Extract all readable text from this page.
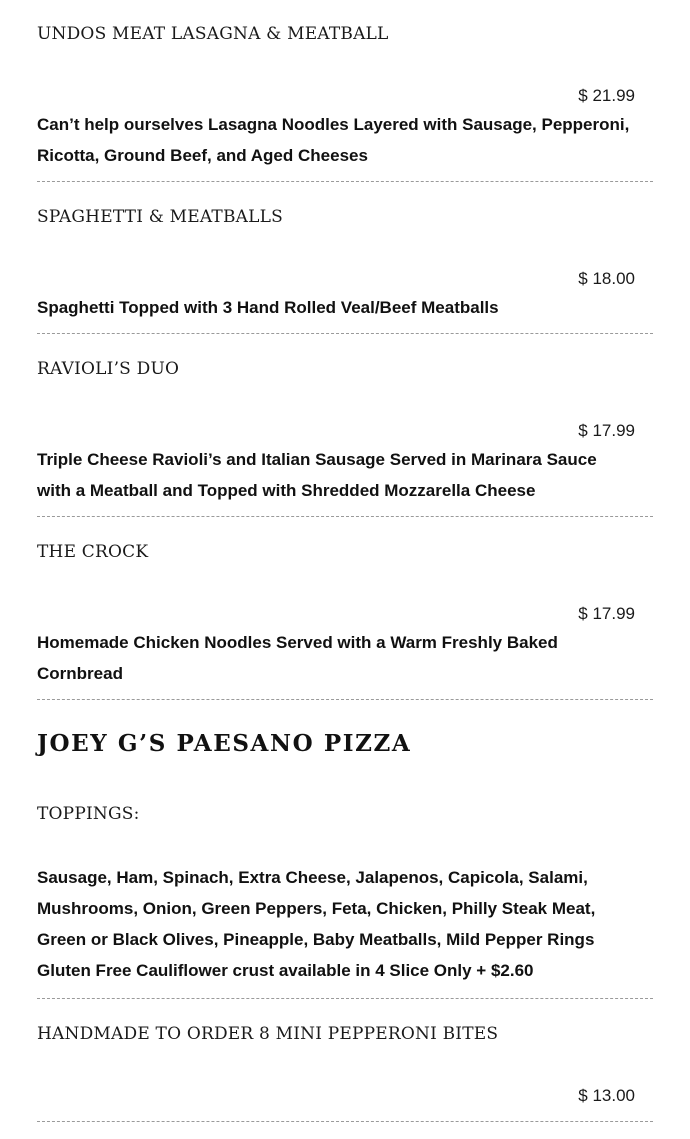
UNDOS MEAT LASAGNA & MEATBALL
$ 21.99

Can’t help ourselves Lasagna Noodles Layered with Sausage, Pepperoni, Ricotta, Ground Beef, and Aged Cheeses

SPAGHETTI & MEATBALLS
$ 18.00

Spaghetti Topped with 3 Hand Rolled Veal/Beef Meatballs

RAVIOLI’S DUO
$ 17.99

Triple Cheese Ravioli’s and Italian Sausage Served in Marinara Sauce with a Meatball and Topped with Shredded Mozzarella Cheese

THE CROCK
$ 17.99

Homemade Chicken Noodles Served with a Warm Freshly Baked Cornbread

JOEY G’S PAESANO PIZZA
TOPPINGS:

Sausage, Ham, Spinach, Extra Cheese, Jalapenos, Capicola, Salami,
Mushrooms, Onion, Green Peppers, Feta, Chicken, Philly Steak Meat,
Green or Black Olives, Pineapple, Baby Meatballs, Mild Pepper Rings
Gluten Free Cauliflower crust available in 4 Slice Only + $2.60

HANDMADE TO ORDER 8 MINI PEPPERONI BITES
$ 13.00
